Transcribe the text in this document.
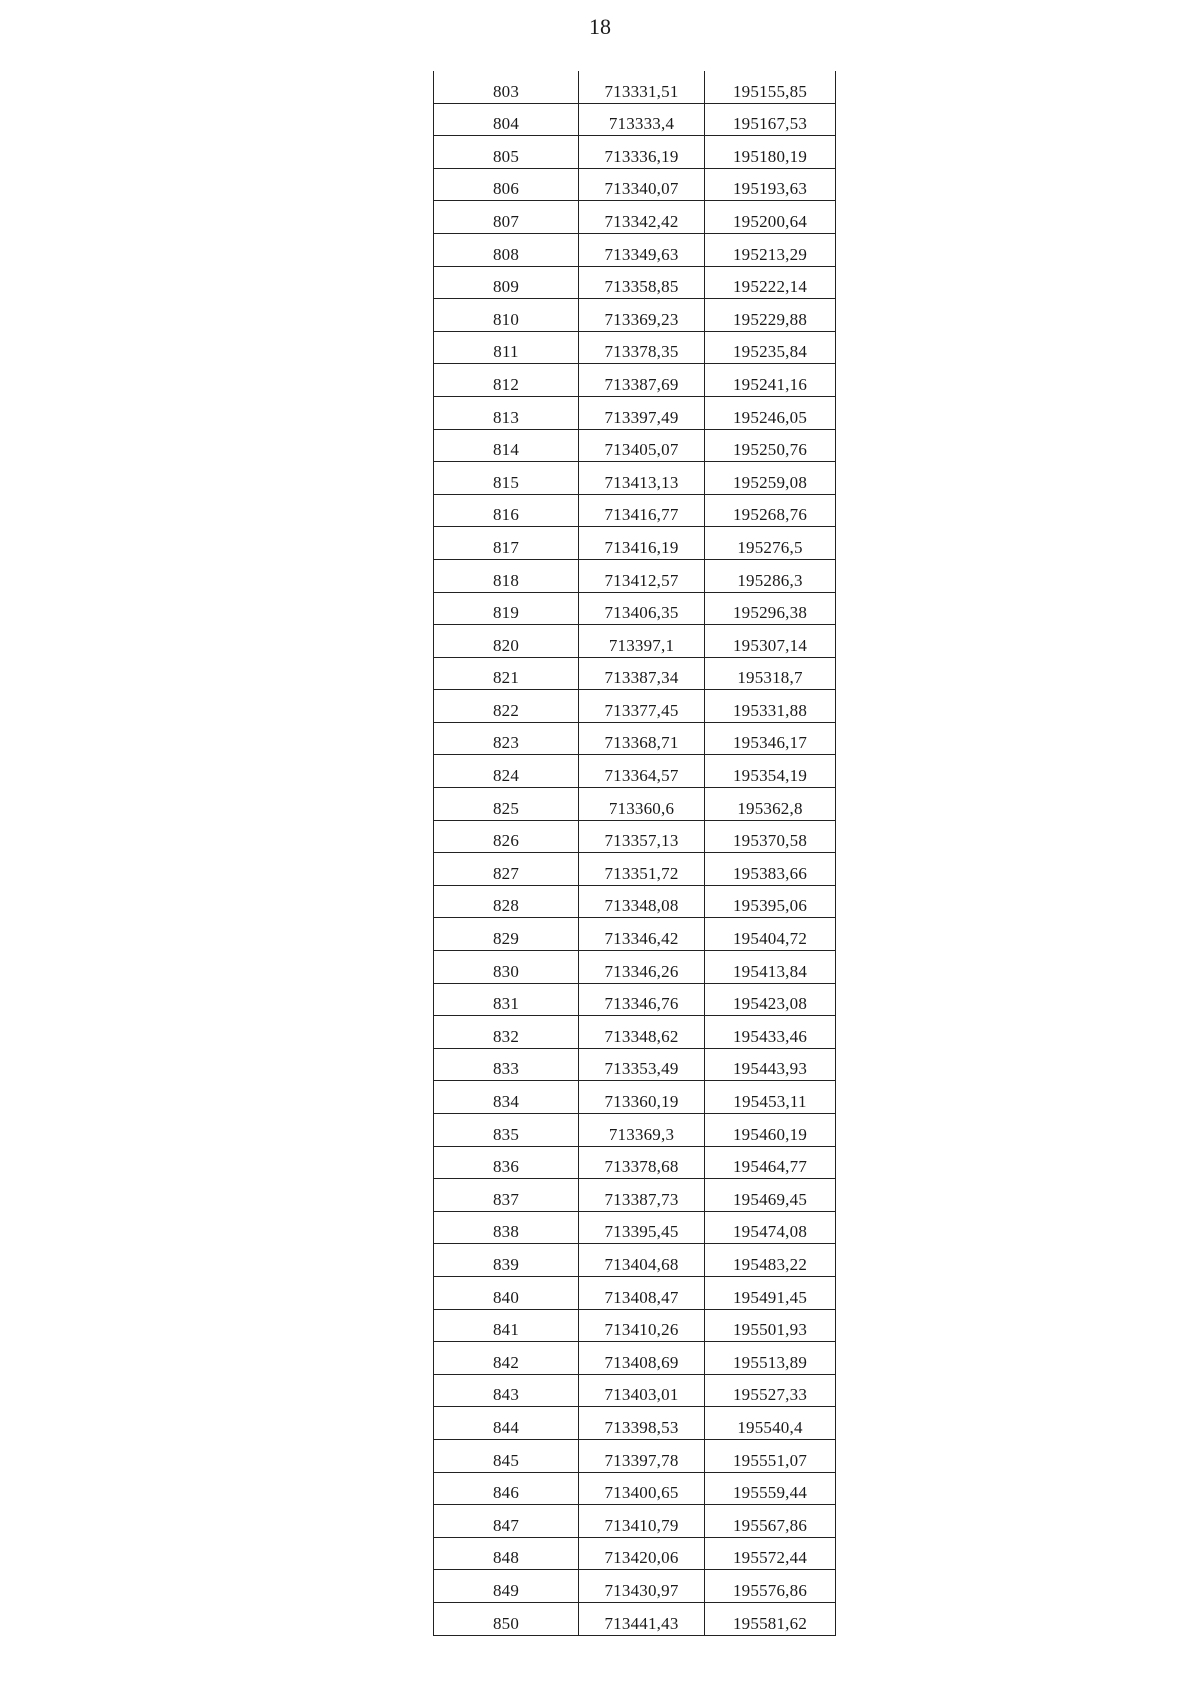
18
803	713331,51	195155,85
804	713333,4	195167,53
805	713336,19	195180,19
806	713340,07	195193,63
807	713342,42	195200,64
808	713349,63	195213,29
809	713358,85	195222,14
810	713369,23	195229,88
811	713378,35	195235,84
812	713387,69	195241,16
813	713397,49	195246,05
814	713405,07	195250,76
815	713413,13	195259,08
816	713416,77	195268,76
817	713416,19	195276,5
818	713412,57	195286,3
819	713406,35	195296,38
820	713397,1	195307,14
821	713387,34	195318,7
822	713377,45	195331,88
823	713368,71	195346,17
824	713364,57	195354,19
825	713360,6	195362,8
826	713357,13	195370,58
827	713351,72	195383,66
828	713348,08	195395,06
829	713346,42	195404,72
830	713346,26	195413,84
831	713346,76	195423,08
832	713348,62	195433,46
833	713353,49	195443,93
834	713360,19	195453,11
835	713369,3	195460,19
836	713378,68	195464,77
837	713387,73	195469,45
838	713395,45	195474,08
839	713404,68	195483,22
840	713408,47	195491,45
841	713410,26	195501,93
842	713408,69	195513,89
843	713403,01	195527,33
844	713398,53	195540,4
845	713397,78	195551,07
846	713400,65	195559,44
847	713410,79	195567,86
848	713420,06	195572,44
849	713430,97	195576,86
850	713441,43	195581,62
